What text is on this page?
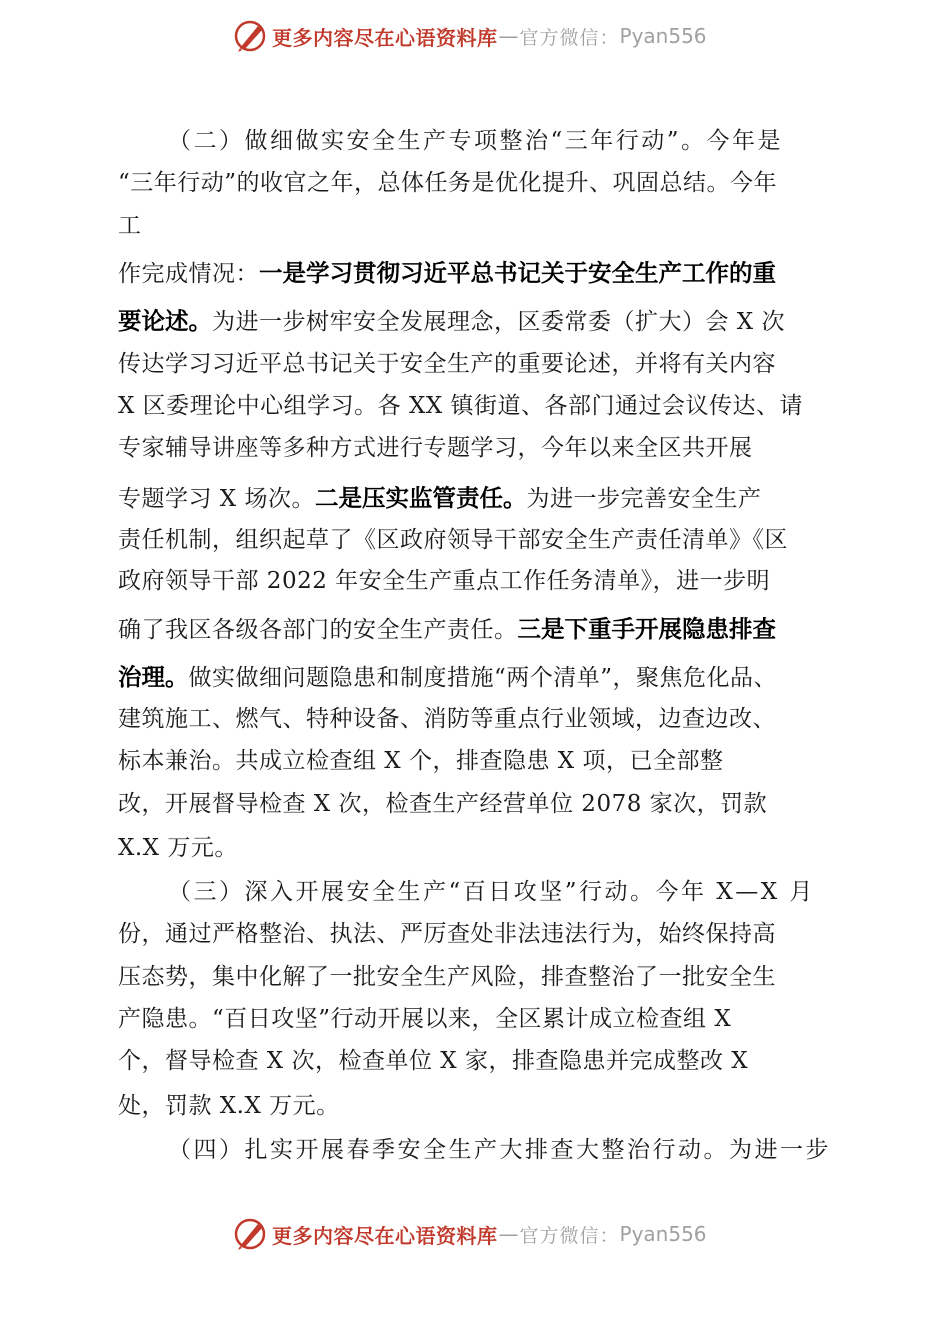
更多内容尽在心语资料库 — 官方微信： Pyan556
（二）做细做实安全生产专项整治“三年行动”。今年是
“三年行动”的收官之年，总体任务是优化提升、巩固总结。今年
工
作完成情况：一是学习贯彻习近平总书记关于安全生产工作的重
要论述。为进一步树牢安全发展理念，区委常委（扩大）会 X 次
传达学习习近平总书记关于安全生产的重要论述，并将有关内容
X 区委理论中心组学习。各 XX 镇街道、各部门通过会议传达、请
专家辅导讲座等多种方式进行专题学习，今年以来全区共开展
专题学习 X 场次。二是压实监管责任。为进一步完善安全生产
责任机制，组织起草了《区政府领导干部安全生产责任清单》《区
政府领导干部 2022 年安全生产重点工作任务清单》，进一步明
确了我区各级各部门的安全生产责任。三是下重手开展隐患排查
治理。做实做细问题隐患和制度措施“两个清单”，聚焦危化品、
建筑施工、燃气、特种设备、消防等重点行业领域，边查边改、
标本兼治。共成立检查组 X 个，排查隐患 X 项，已全部整
改，开展督导检查 X 次，检查生产经营单位 2078 家次，罚款
X.X 万元。
（三）深入开展安全生产“百日攻坚”行动。今年 X—X 月
份，通过严格整治、执法、严厉查处非法违法行为，始终保持高
压态势，集中化解了一批安全生产风险，排查整治了一批安全生
产隐患。“百日攻坚”行动开展以来，全区累计成立检查组 X
个，督导检查 X 次，检查单位 X 家，排查隐患并完成整改 X
处，罚款 X.X 万元。
（四）扎实开展春季安全生产大排查大整治行动。为进一步
更多内容尽在心语资料库 — 官方微信： Pyan556
